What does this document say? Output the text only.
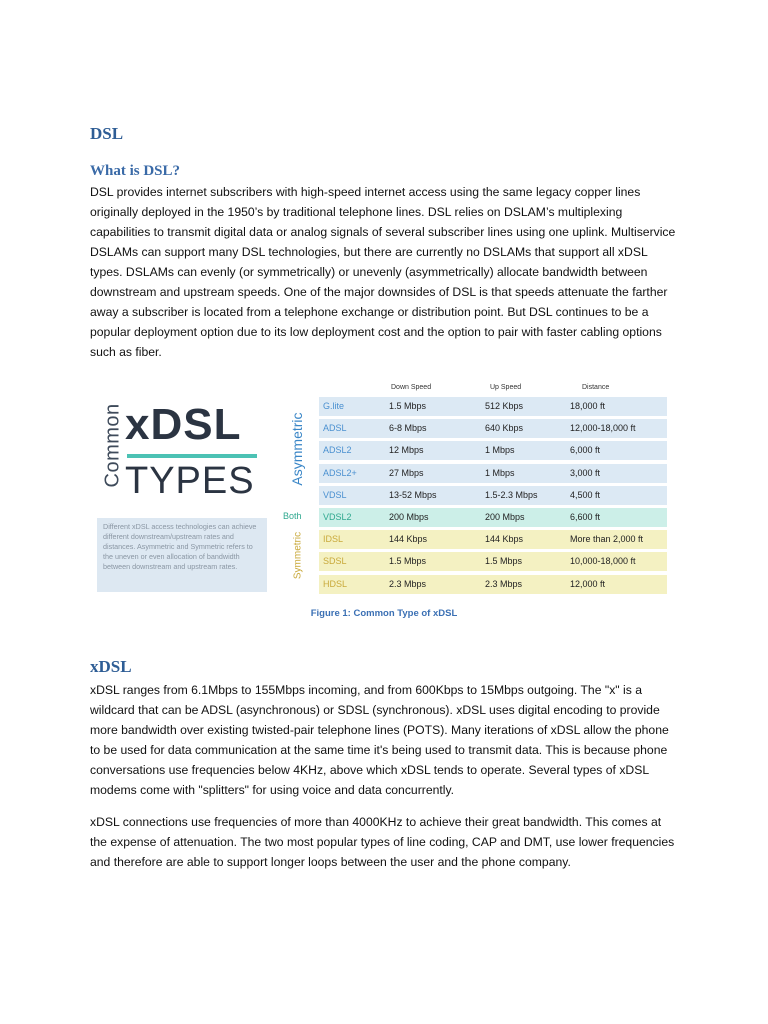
DSL
What is DSL?
DSL provides internet subscribers with high-speed internet access using the same legacy copper lines originally deployed in the 1950’s by traditional telephone lines. DSL relies on DSLAM’s multiplexing capabilities to transmit digital data or analog signals of several subscriber lines using one uplink. Multiservice DSLAMs can support many DSL technologies, but there are currently no DSLAMs that support all xDSL types. DSLAMs can evenly (or symmetrically) or unevenly (asymmetrically) allocate bandwidth between downstream and upstream speeds. One of the major downsides of DSL is that speeds attenuate the farther away a subscriber is located from a telephone exchange or distribution point. But DSL continues to be a popular deployment option due to its low deployment cost and the option to pair with faster cabling options such as fiber.
Common xDSL
TYPES
Different xDSL access technologies can achieve different downstream/upstream rates and distances. Asymmetric and Symmetric refers to the uneven or even allocation of bandwidth between downstream and upstream rates.
Down Speed	Up Speed	Distance
Asymmetric
Both
Symmetric
G.lite	1.5 Mbps	512 Kbps	18,000 ft
ADSL	6-8 Mbps	640 Kbps	12,000-18,000 ft
ADSL2	12 Mbps	1 Mbps	6,000 ft
ADSL2+	27 Mbps	1 Mbps	3,000 ft
VDSL	13-52 Mbps	1.5-2.3 Mbps	4,500 ft
VDSL2	200 Mbps	200 Mbps	6,600 ft
IDSL	144 Kbps	144 Kbps	More than 2,000 ft
SDSL	1.5 Mbps	1.5 Mbps	10,000-18,000 ft
HDSL	2.3 Mbps	2.3 Mbps	12,000 ft
Figure 1: Common Type of xDSL
xDSL
xDSL ranges from 6.1Mbps to 155Mbps incoming, and from 600Kbps to 15Mbps outgoing. The "x" is a wildcard that can be ADSL (asynchronous) or SDSL (synchronous). xDSL uses digital encoding to provide more bandwidth over existing twisted-pair telephone lines (POTS). Many iterations of xDSL allow the phone to be used for data communication at the same time it's being used to transmit data. This is because phone conversations use frequencies below 4KHz, above which xDSL tends to operate. Several types of xDSL modems come with "splitters" for using voice and data concurrently.
xDSL connections use frequencies of more than 4000KHz to achieve their great bandwidth. This comes at the expense of attenuation. The two most popular types of line coding, CAP and DMT, use lower frequencies and therefore are able to support longer loops between the user and the phone company.
